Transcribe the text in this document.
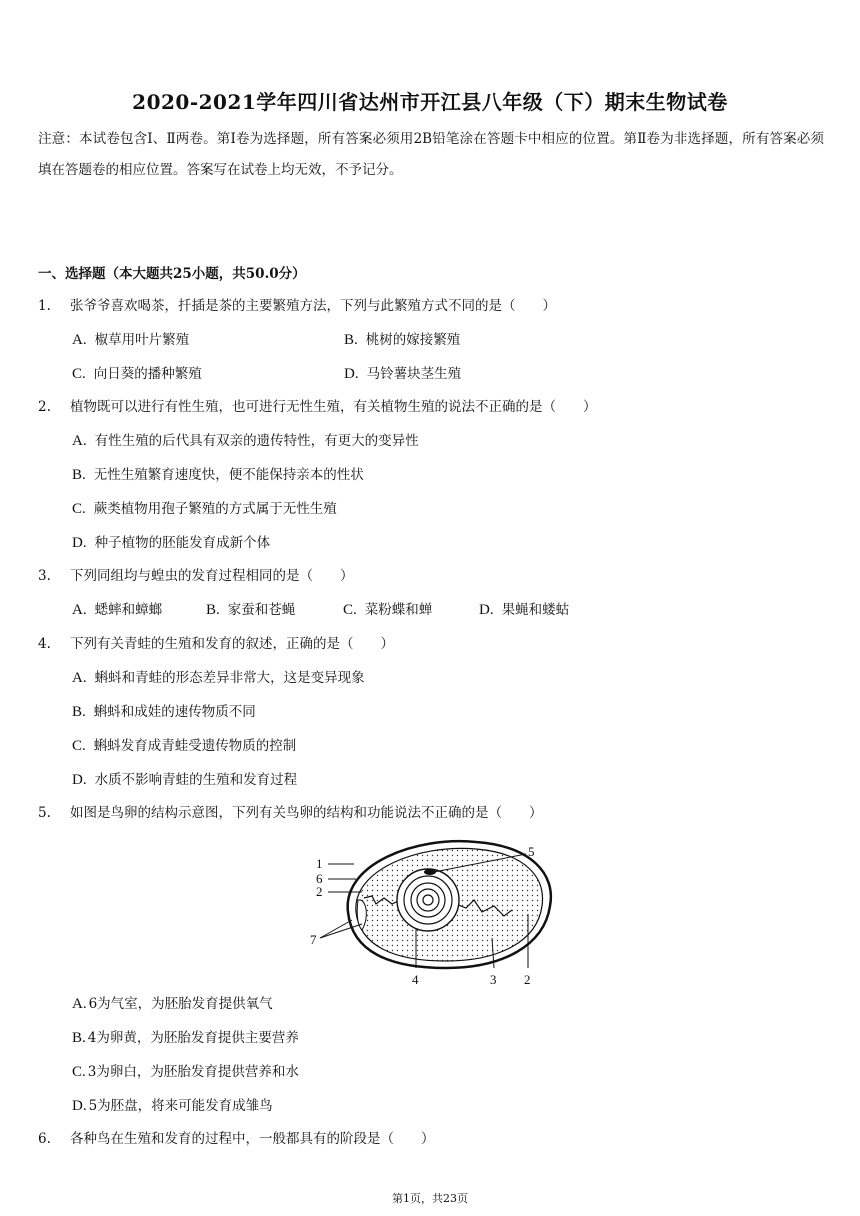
2020-2021学年四川省达州市开江县八年级（下）期末生物试卷
注意：本试卷包含Ⅰ、Ⅱ两卷。第Ⅰ卷为选择题，所有答案必须用2B铅笔涂在答题卡中相应的位置。第Ⅱ卷为非选择题，所有答案必须填在答题卷的相应位置。答案写在试卷上均无效，不予记分。
一、选择题（本大题共25小题，共50.0分）
1. 张爷爷喜欢喝茶，扦插是茶的主要繁殖方法，下列与此繁殖方式不同的是（　　）
A. 椒草用叶片繁殖	B. 桃树的嫁接繁殖
C. 向日葵的播种繁殖	D. 马铃薯块茎生殖
2. 植物既可以进行有性生殖，也可进行无性生殖，有关植物生殖的说法不正确的是（　　）
A. 有性生殖的后代具有双亲的遗传特性，有更大的变异性
B. 无性生殖繁育速度快，便不能保持亲本的性状
C. 蕨类植物用孢子繁殖的方式属于无性生殖
D. 种子植物的胚能发育成新个体
3. 下列同组均与蝗虫的发育过程相同的是（　　）
A. 蟋蟀和蟑螂	B. 家蚕和苍蝇	C. 菜粉蝶和蝉	D. 果蝇和蝼蛄
4. 下列有关青蛙的生殖和发育的叙述，正确的是（　　）
A. 蝌蚪和青蛙的形态差异非常大，这是变异现象
B. 蝌蚪和成娃的速传物质不同
C. 蝌蚪发育成青蛙受遗传物质的控制
D. 水质不影响青蛙的生殖和发育过程
5. 如图是鸟卵的结构示意图，下列有关鸟卵的结构和功能说法不正确的是（　　）
1
6
2
2
7
5
4	3
A. 6为气室，为胚胎发育提供氧气
B. 4为卵黄，为胚胎发育提供主要营养
C. 3为卵白，为胚胎发育提供营养和水
D. 5为胚盘，将来可能发育成雏鸟
6. 各种鸟在生殖和发育的过程中，一般都具有的阶段是（　　）
第1页，共23页
